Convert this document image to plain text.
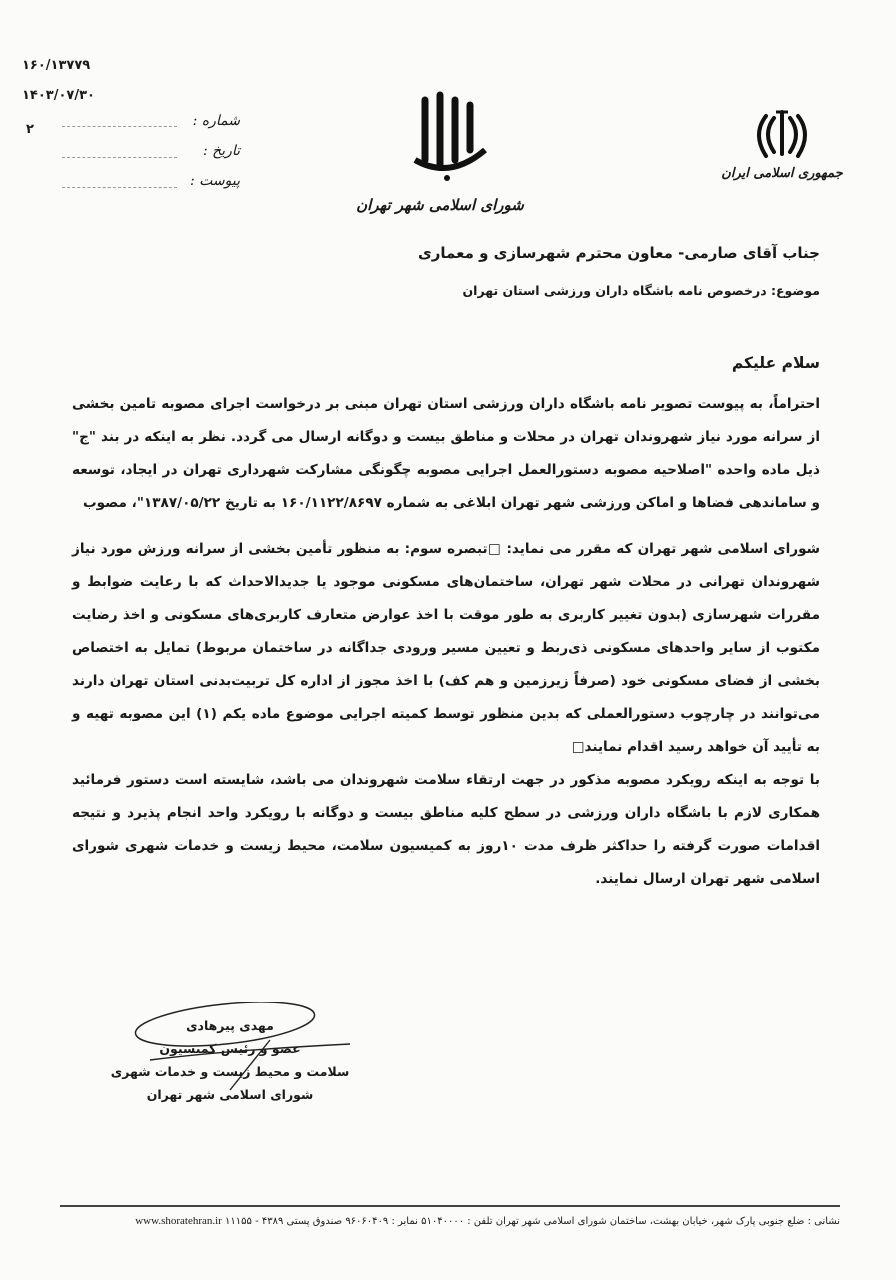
۱۶۰/۱۳۷۷۹
۱۴۰۳/۰۷/۳۰
۲
شماره :
تاریخ :
پیوست :
شورای اسلامی شهر تهران
جمهوری اسلامی ایران
جناب آقای صارمی- معاون محترم شهرسازی و معماری
موضوع: درخصوص نامه باشگاه داران ورزشی استان تهران
سلام علیکم

احتراماً، به پیوست تصویر نامه باشگاه داران ورزشی استان تهران مبنی بر درخواست اجرای مصوبه تامین بخشی از سرانه مورد نیاز شهروندان تهران در محلات و مناطق بیست و دوگانه ارسال می گردد. نظر به اینکه در بند "ج" ذیل ماده واحده "اصلاحیه مصوبه دستورالعمل اجرایی مصوبه چگونگی مشارکت شهرداری تهران در ایجاد، توسعه و ساماندهی فضاها و اماکن ورزشی شهر تهران ابلاغی به شماره ۱۶۰/۱۱۲۲/۸۶۹۷ به تاریخ ۱۳۸۷/۰۵/۲۲"، مصوب

شورای اسلامی شهر تهران که مقرر می نماید: □تبصره سوم: به منظور تأمین بخشی از سرانه ورزش مورد نیاز شهروندان تهرانی در محلات شهر تهران، ساختمان‌های مسکونی موجود یا جدیدالاحداث که با رعایت ضوابط و مقررات شهرسازی (بدون تغییر کاربری به طور موقت با اخذ عوارض متعارف کاربری‌های مسکونی و اخذ رضایت مکتوب از سایر واحدهای مسکونی ذی‌ربط و تعیین مسیر ورودی جداگانه در ساختمان مربوط) تمایل به اختصاص بخشی از فضای مسکونی خود (صرفاً زیرزمین و هم کف) با اخذ مجوز از اداره کل تربیت‌بدنی استان تهران دارند می‌توانند در چارچوب دستورالعملی که بدین منظور توسط کمیته اجرایی موضوع ماده یکم (۱) این مصوبه تهیه و به تأیید آن خواهد رسید اقدام نمایند□

با توجه به اینکه رویکرد مصوبه مذکور در جهت ارتقاء سلامت شهروندان می باشد، شایسته است دستور فرمائید همکاری لازم با باشگاه داران ورزشی در سطح کلیه مناطق بیست و دوگانه با رویکرد واحد انجام پذیرد و نتیجه اقدامات صورت گرفته را حداکثر ظرف مدت ۱۰روز به کمیسیون سلامت، محیط زیست و خدمات شهری شورای اسلامی شهر تهران ارسال نمایند.

مهدی پیرهادی
عضو و رئیس کمیسیون
سلامت و محیط زیست و خدمات شهری
شورای اسلامی شهر تهران
نشانی : ضلع جنوبی پارک شهر، خیابان بهشت، ساختمان شورای اسلامی شهر تهران تلفن : ۵۱۰۴۰۰۰۰ نمابر : ۹۶۰۶۰۴۰۹ صندوق پستی ۴۳۸۹ - ۱۱۱۵۵ www.shoratehran.ir
